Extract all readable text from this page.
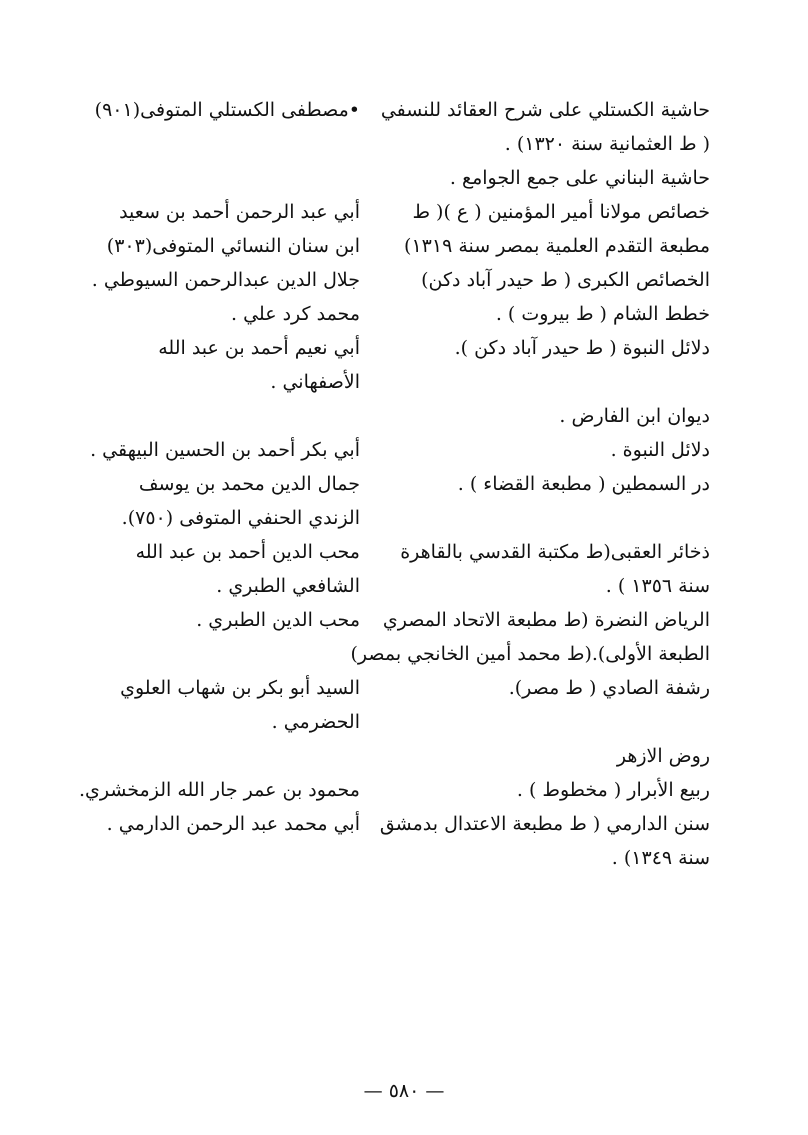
حاشية الكستلي على شرح العقائد للنسفي
( ط العثمانية سنة ١٣٢٠) .
•مصطفى الكستلي المتوفى(٩٠١)
حاشية البناني على جمع الجوامع .
خصائص مولانا أمير المؤمنين ( ع )( ط
مطبعة التقدم العلمية بمصر سنة ١٣١٩)
أبي عبد الرحمن أحمد بن سعيد
ابن سنان النسائي المتوفى(٣٠٣)
الخصائص الكبرى ( ط حيدر آباد دكن)
جلال الدين عبدالرحمن السيوطي .
خطط الشام ( ط بيروت ) .
محمد كرد علي .
دلائل النبوة ( ط حيدر آباد دكن ).
أبي نعيم أحمد بن عبد الله
الأصفهاني .
ديوان ابن الفارض .
دلائل النبوة .
أبي بكر أحمد بن الحسين البيهقي .
در السمطين ( مطبعة القضاء ) .
جمال الدين محمد بن يوسف
الزندي الحنفي المتوفى (٧٥٠).
ذخائر العقبى(ط مكتبة القدسي بالقاهرة
سنة ١٣٥٦ ) .
محب الدين أحمد بن عبد الله
الشافعي الطبري .
الرياض النضرة (ط مطبعة الاتحاد المصري
الطبعة الأولى).(ط محمد أمين الخانجي بمصر)
محب الدين الطبري .
رشفة الصادي ( ط مصر).
السيد أبو بكر بن شهاب العلوي
الحضرمي .
روض الازهر
ربيع الأبرار ( مخطوط ) .
محمود بن عمر جار الله الزمخشري.
سنن الدارمي ( ط مطبعة الاعتدال بدمشق
سنة ١٣٤٩) .
أبي محمد عبد الرحمن الدارمي .
— ٥٨٠ —
